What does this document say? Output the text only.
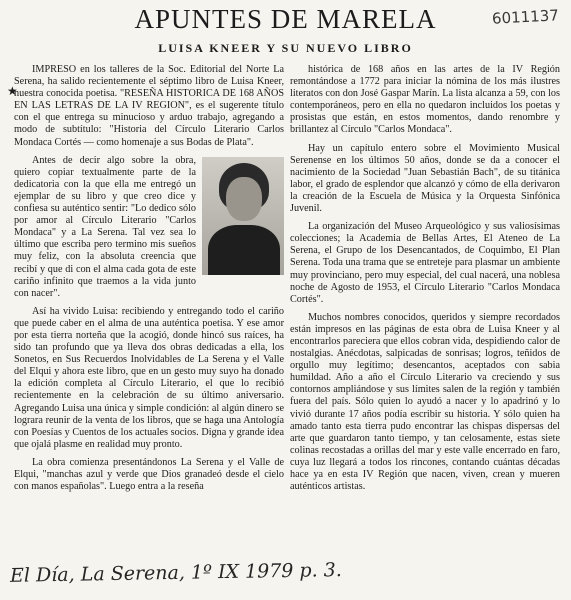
APUNTES DE MARELA
LUISA KNEER Y SU NUEVO LIBRO
6011137
★

IMPRESO en los talleres de la Soc. Editorial del Norte La Serena, ha salido recientemente el séptimo libro de Luisa Kneer, nuestra conocida poetisa. "RESEÑA HISTORICA DE 168 AÑOS EN LAS LETRAS DE LA IV REGION", es el sugerente título con el que entrega su minucioso y arduo trabajo, agregando a modo de subtítulo: "Historia del Círculo Literario Carlos Mondaca Cortés — como homenaje a sus Bodas de Plata".

Antes de decir algo sobre la obra, quiero copiar textualmente parte de la dedicatoria con la que ella me entregó un ejemplar de su libro y que creo dice y confiesa su auténtico sentir: "Lo dedico sólo por amor al Círculo Literario "Carlos Mondaca" y a La Serena. Tal vez sea lo último que escriba pero termino mis sueños muy feliz, con la absoluta creencia que recibí y que di con el alma cada gota de este cariño infinito que traemos a la vida junto con nacer".

Así ha vivido Luisa: recibiendo y entregando todo el cariño que puede caber en el alma de una auténtica poetisa. Y ese amor por esta tierra norteña que la acogió, donde hincó sus raíces, ha sido tan profundo que ya lleva dos obras dedicadas a ella, los Sonetos, en Sus Recuerdos Inolvidables de La Serena y el Valle del Elqui y ahora este libro, que en un gesto muy suyo ha donado la edición completa al Círculo Literario, el que lo recibió recientemente en la celebración de su último aniversario. Agregando Luisa una única y simple condición: al algún dinero se lograra reunir de la venta de los libros, que se haga una Antología con Poesías y Cuentos de los actuales socios. Digna y grande idea que ojalá plasme en realidad muy pronto.

La obra comienza presentándonos La Serena y el Valle de Elqui, "manchas azul y verde que Dios granadeó desde el cielo con manos españolas". Luego entra a la reseña

histórica de 168 años en las artes de la IV Región remontándose a 1772 para iniciar la nómina de los más ilustres literatos con don José Gaspar Marín. La lista alcanza a 59, con los contemporáneos, pero en ella no quedaron incluidos los poetas y prosistas que están, en estos momentos, dando renombre y brillantez al Círculo "Carlos Mondaca".

Hay un capítulo entero sobre el Movimiento Musical Serenense en los últimos 50 años, donde se da a conocer el nacimiento de la Sociedad "Juan Sebastián Bach", de su titánica labor, el grado de esplendor que alcanzó y cómo de ella derivaron la creación de la Escuela de Música y la Orquesta Sinfónica Juvenil.

La organización del Museo Arqueológico y sus valiosísimas colecciones; la Academia de Bellas Artes, El Ateneo de La Serena, el Grupo de los Desencantados, de Coquimbo, El Plan Serena. Toda una trama que se entreteje para plasmar un ambiente muy provinciano, pero muy especial, del cual nacerá, una noblesa noche de Agosto de 1953, el Círculo Literario "Carlos Mondaca Cortés".

Muchos nombres conocidos, queridos y siempre recordados están impresos en las páginas de esta obra de Luisa Kneer y al encontrarlos pareciera que ellos cobran vida, despidiendo calor de nostalgias. Anécdotas, salpicadas de sonrisas; logros, teñidos de orgullo muy legítimo; desencantos, aceptados con sabia humildad. Año a año el Círculo Literario va creciendo y sus contornos ampliándose y sus límites salen de la región y también fuera del país. Sólo quien lo ayudó a nacer y lo apadrinó y lo vivió durante 17 años podía escribir su historia. Y sólo quien ha amado tanto esta tierra pudo encontrar las chispas dispersas del arte que guardaron tanto tiempo, y tan celosamente, estas siete colinas recostadas a orillas del mar y este valle encerrado en faro, cuya luz llegará a todos los rincones, contando cuántas décadas hace ya en esta IV Región que nacen, viven, crean y mueren auténticos artistas.

El Día, La Serena, 1º IX 1979 p. 3.
